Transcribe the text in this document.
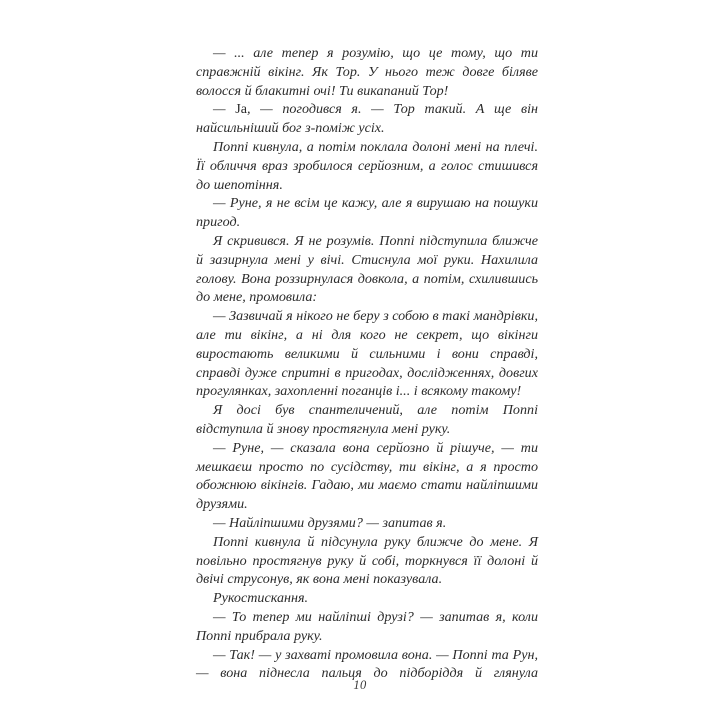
— ... але тепер я розумію, що це тому, що ти справжній вікінг. Як Тор. У нього теж довге біляве волосся й блакитні очі! Ти викапаний Тор!

— Ja, — погодився я. — Тор такий. А ще він найсильніший бог з-поміж усіх.

Поппі кивнула, а потім поклала долоні мені на плечі. Її обличчя враз зробилося серйозним, а голос стишився до шепотіння.

— Руне, я не всім це кажу, але я вирушаю на пошуки пригод.

Я скривився. Я не розумів. Поппі підступила ближче й зазирнула мені у вічі. Стиснула мої руки. Нахилила голову. Вона роззирнулася довкола, а потім, схилившись до мене, промовила:

— Зазвичай я нікого не беру з собою в такі мандрівки, але ти вікінг, а ні для кого не секрет, що вікінги виростають великими й сильними і вони справді, справді дуже спритні в пригодах, дослідженнях, довгих прогулянках, захопленні поганців і... і всякому такому!

Я досі був спантеличений, але потім Поппі відступила й знову простягнула мені руку.

— Руне, — сказала вона серйозно й рішуче, — ти мешкаєш просто по сусідству, ти вікінг, а я просто обожнюю вікінгів. Гадаю, ми маємо стати найліпшими друзями.

— Найліпшими друзями? — запитав я.

Поппі кивнула й підсунула руку ближче до мене. Я повільно простягнув руку й собі, торкнувся її долоні й двічі струсонув, як вона мені показувала.

Рукостискання.

— То тепер ми найліпші друзі? — запитав я, коли Поппі прибрала руку.

— Так! — у захваті промовила вона. — Поппі та Рун, — вона піднесла пальця до підборіддя й глянула

10
